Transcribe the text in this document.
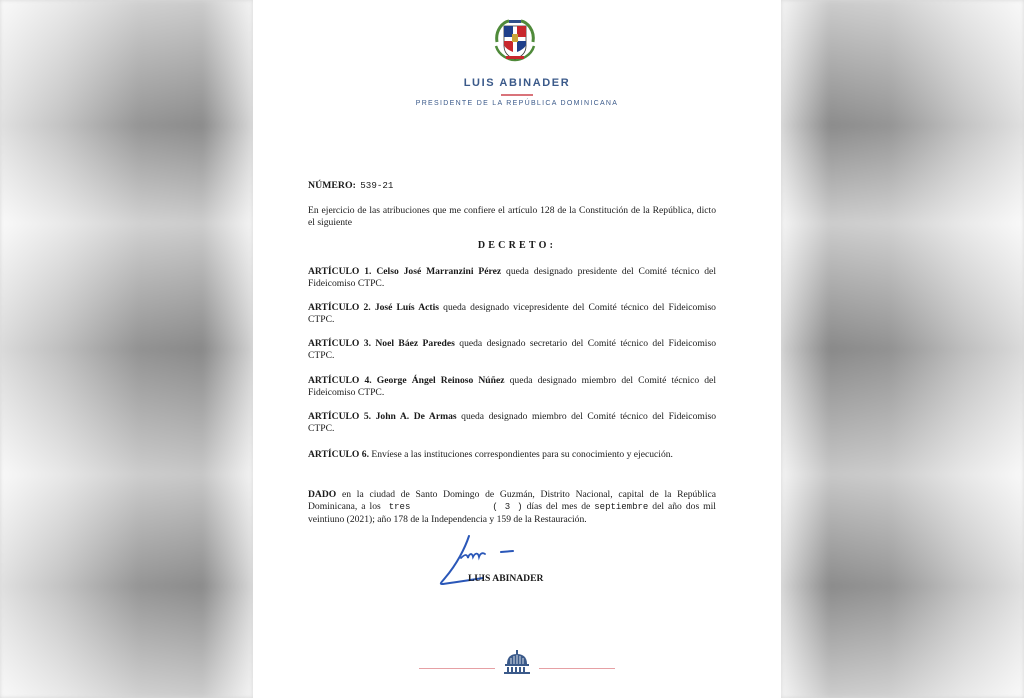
LUIS ABINADER
PRESIDENTE DE LA REPÚBLICA DOMINICANA
NÚMERO: 539-21
En ejercicio de las atribuciones que me confiere el artículo 128 de la Constitución de la República, dicto el siguiente
DECRETO:
ARTÍCULO 1. Celso José Marranzini Pérez queda designado presidente del Comité técnico del Fideicomiso CTPC.
ARTÍCULO 2. José Luís Actis queda designado vicepresidente del Comité técnico del Fideicomiso CTPC.
ARTÍCULO 3. Noel Báez Paredes queda designado secretario del Comité técnico del Fideicomiso CTPC.
ARTÍCULO 4. George Ángel Reinoso Núñez queda designado miembro del Comité técnico del Fideicomiso CTPC.
ARTÍCULO 5. John A. De Armas queda designado miembro del Comité técnico del Fideicomiso CTPC.
ARTÍCULO 6. Envíese a las instituciones correspondientes para su conocimiento y ejecución.
DADO en la ciudad de Santo Domingo de Guzmán, Distrito Nacional, capital de la República Dominicana, a los tres	( 3 ) días del mes de septiembre del año dos mil veintiuno (2021); año 178 de la Independencia y 159 de la Restauración.
LUIS ABINADER
